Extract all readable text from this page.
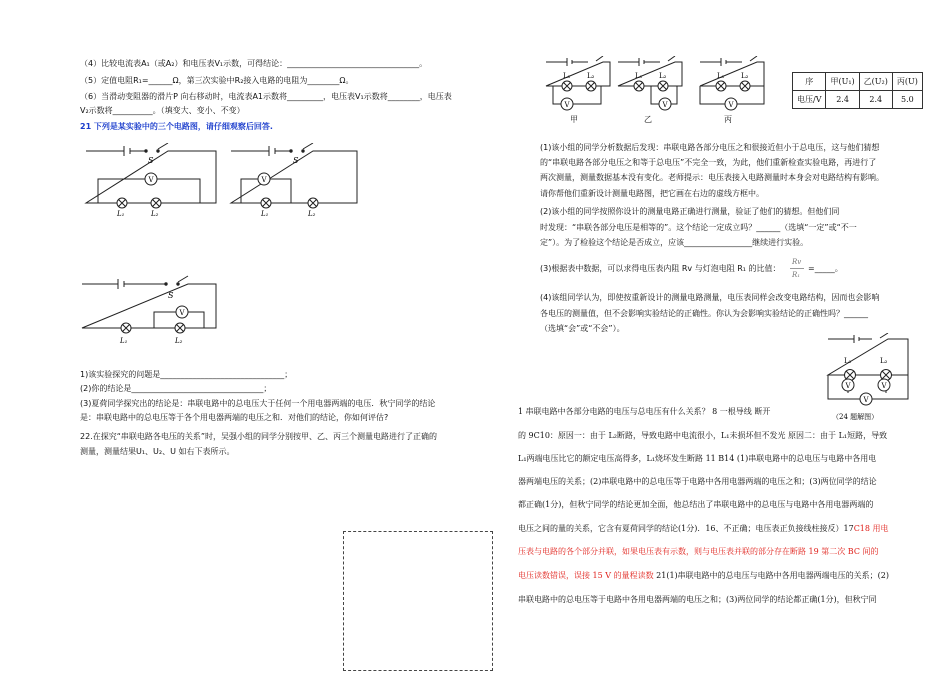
（4）比较电流表A₁（或A₂）和电压表V₁示数，可得结论：_________________________________。
（5）定值电阻R₁=______Ω，第三次实验中R₂接入电路的电阻为________Ω。
（6）当滑动变阻器的滑片P 向右移动时，电流表A1示数将_________，电压表V₁示数将________，电压表
V₂示数将__________。（填变大、变小、不变）
21 下列是某实验中的三个电路图，请仔细观察后回答.
V
S
L₁	L₂
V
S
L₁	L₂
V
S
L₁	L₂
1)该实验探究的问题是_______________________________；
(2)你的结论是_________________________________；
(3)夏荷同学探究出的结论是：串联电路中的总电压大于任何一个用电器两端的电压．秋宁同学的结论
是：串联电路中的总电压等于各个用电器两端的电压之和．对他们的结论，你如何评估?
22.在探究“串联电路各电压的关系”时，吴强小组的同学分别按甲、乙、丙三个测量电路进行了正确的
测量，测量结果U₁、U₂、U 如右下表所示。
V
L₁ L₂
甲
V
L₁ L₂
乙
V
L₁ L₂
丙
序	甲(U₁)	乙(U₂)	丙(U)
电压/V	2.4	2.4	5.0
(1)该小组的同学分析数据后发现：串联电路各部分电压之和很接近但小于总电压，这与他们猜想
的“串联电路各部分电压之和等于总电压”不完全一致，为此，他们重新检查实验电路，再进行了
两次测量，测量数据基本没有变化。老师提示：电压表接入电路测量时本身会对电路结构有影响。
请你帮他们重新设计测量电路图，把它画在右边的虚线方框中。
(2)该小组的同学按照你设计的测量电路正确进行测量，验证了他们的猜想。但他们同
时发现：“串联各部分电压是相等的”。这个结论一定成立吗？______（选填“一定”或“不一
定”）。为了检验这个结论是否成立，应该_________________继续进行实验。
(3)根据表中数据，可以求得电压表内阻 Rv 与灯泡电阻 R₁ 的比值：
Rv
R₁
=_____。
(4)该组同学认为，即使按重新设计的测量电路测量，电压表同样会改变电路结构，因而也会影响
各电压的测量值，但不会影响实验结论的正确性。你认为会影响实验结论的正确性吗？______
（选填“会”或“不会”）。
V	V
V
L₁	L₂
（24 题解图）
1 串联电路中各部分电路的电压与总电压有什么关系？ 8 一根导线 断开
的 9C10：原因一：由于 L₂断路，导致电路中电流很小，L₁未损坏但不发光 原因二：由于 L₁短路，导致
L₁两端电压比它的额定电压高得多，L₁烧坏发生断路 11 B14 (1)串联电路中的总电压与电路中各用电
器两端电压的关系；(2)串联电路中的总电压等于电路中各用电器两端的电压之和；(3)两位同学的结论
都正确(1分)，但秋宁同学的结论更加全面，他总结出了串联电路中的总电压与电路中各用电器两端的
电压之间的量的关系，它含有夏荷同学的结论(1分)．16、不正确；电压表正负接线柱接反）17C18 用电
压表与电路的各个部分并联，如果电压表有示数，则与电压表并联的部分存在断路 19 第二次 BC 间的
电压读数错误，误接 15 V 的量程读数 21(1)串联电路中的总电压与电路中各用电器两端电压的关系；(2)
串联电路中的总电压等于电路中各用电器两端的电压之和；(3)两位同学的结论都正确(1分)，但秋宁同
